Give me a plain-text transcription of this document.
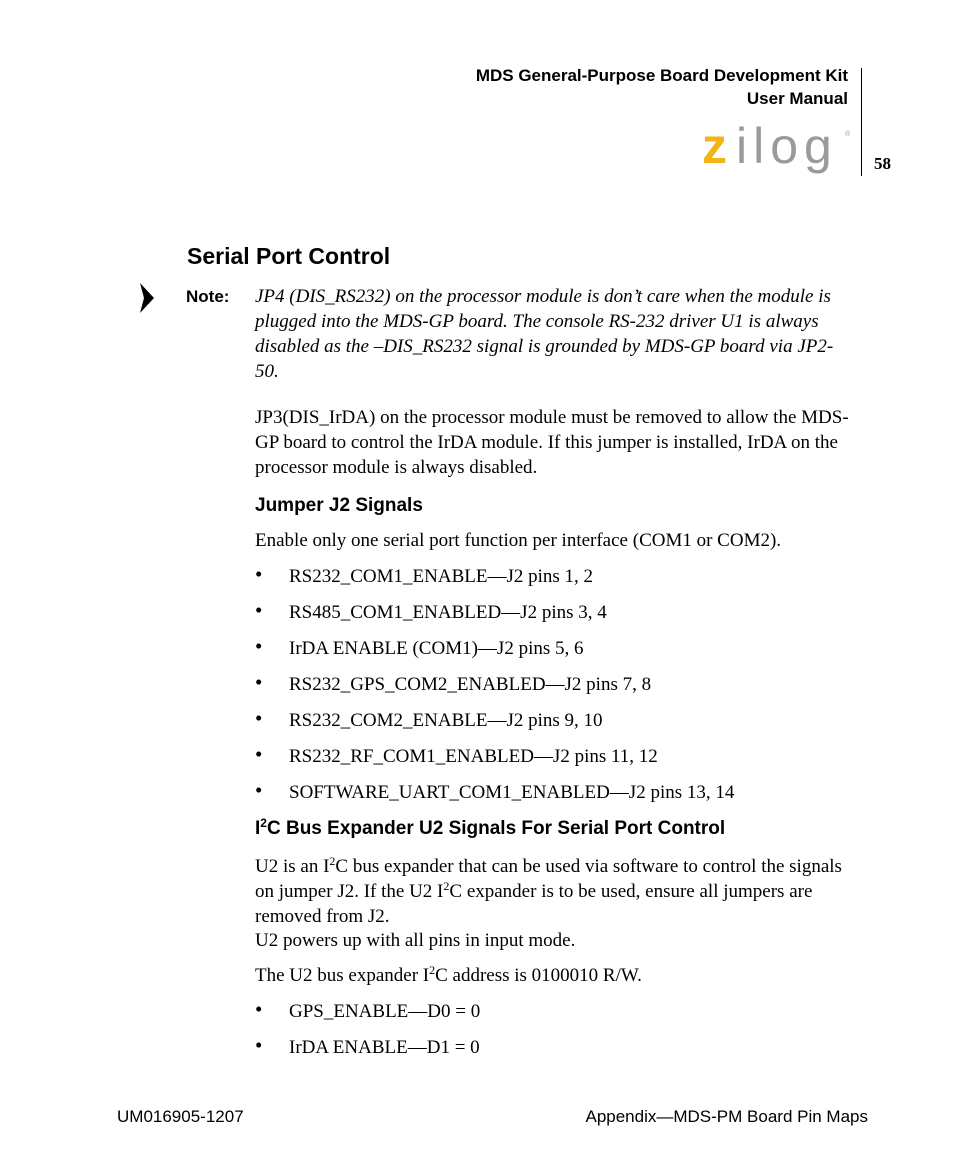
MDS General-Purpose Board Development Kit
User Manual
z ilog ®
58
Serial Port Control
Note: JP4 (DIS_RS232) on the processor module is don’t care when the module is plugged into the MDS-GP board. The console RS-232 driver U1 is always disabled as the –DIS_RS232 signal is grounded by MDS-GP board via JP2-50.
JP3(DIS_IrDA) on the processor module must be removed to allow the MDS-GP board to control the IrDA module. If this jumper is installed, IrDA on the processor module is always disabled.
Jumper J2 Signals
Enable only one serial port function per interface (COM1 or COM2).
• RS232_COM1_ENABLE—J2 pins 1, 2
• RS485_COM1_ENABLED—J2 pins 3, 4
• IrDA ENABLE (COM1)—J2 pins 5, 6
• RS232_GPS_COM2_ENABLED—J2 pins 7, 8
• RS232_COM2_ENABLE—J2 pins 9, 10
• RS232_RF_COM1_ENABLED—J2 pins 11, 12
• SOFTWARE_UART_COM1_ENABLED—J2 pins 13, 14
$I^2C$ Bus Expander U2 Signals For Serial Port Control
U2 is an $I^2C$ bus expander that can be used via software to control the signals on jumper J2. If the U2 $I^2C$ expander is to be used, ensure all jumpers are removed from J2.
U2 powers up with all pins in input mode.
The U2 bus expander $I^2C$ address is 0100010 R/W.
• GPS_ENABLE—D0 = 0
• IrDA ENABLE—D1 = 0
UM016905-1207	Appendix—MDS-PM Board Pin Maps
